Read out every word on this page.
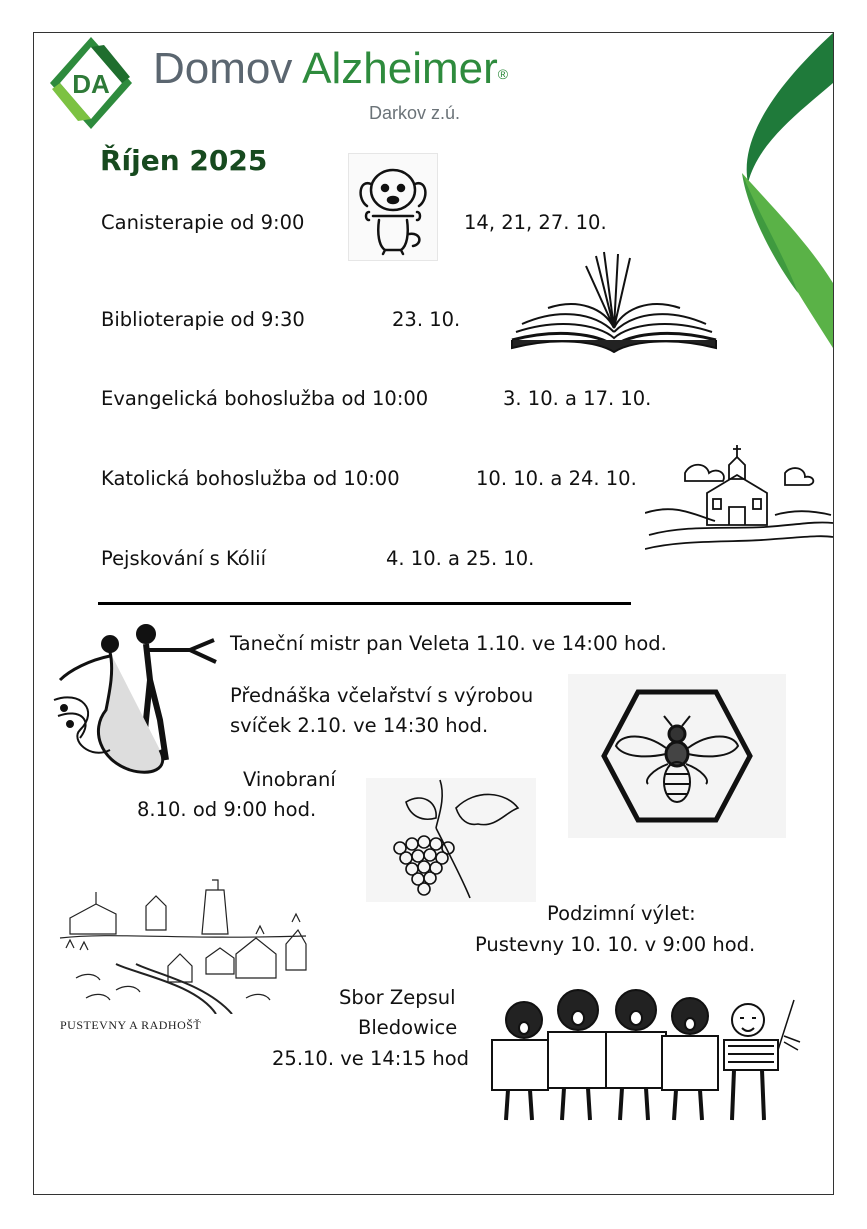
DA Domov Alzheimer®
Darkov z.ú.
Říjen 2025
Canisterapie od 9:00	14, 21, 27. 10.
Biblioterapie od 9:30	23. 10.
Evangelická bohoslužba od 10:00	3. 10. a 17. 10.
Katolická bohoslužba od 10:00	10. 10. a 24. 10.
Pejskování s Kólií	4. 10. a 25. 10.
Taneční mistr pan Veleta 1.10. ve 14:00 hod.
Přednáška včelařství s výrobou
svíček 2.10. ve 14:30 hod.
Vinobraní
8.10. od 9:00 hod.
PUSTEVNY A RADHOŠŤ
Podzimní výlet:
Pustevny 10. 10. v 9:00 hod.
Sbor Zepsul
Bledowice
25.10. ve 14:15 hod
